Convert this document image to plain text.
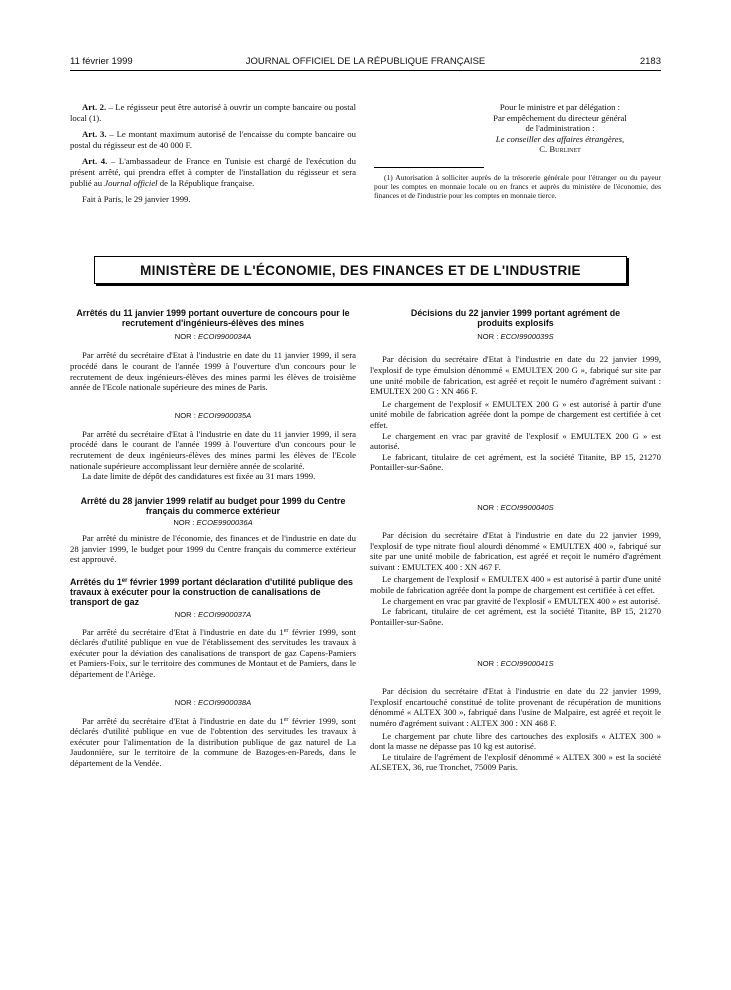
11 février 1999	JOURNAL OFFICIEL DE LA RÉPUBLIQUE FRANÇAISE	2183

Art. 2. – Le régisseur peut être autorisé à ouvrir un compte bancaire ou postal local (1).

Art. 3. – Le montant maximum autorisé de l'encaisse du compte bancaire ou postal du régisseur est de 40 000 F.

Art. 4. – L'ambassadeur de France en Tunisie est chargé de l'exécution du présent arrêté, qui prendra effet à compter de l'installation du régisseur et sera publié au Journal officiel de la République française.

Fait à Paris, le 29 janvier 1999.

Pour le ministre et par délégation :

Par empêchement du directeur général

de l'administration :

Le conseiller des affaires étrangères,

C. Burlinet

(1) Autorisation à solliciter auprès de la trésorerie générale pour l'étranger ou du payeur pour les comptes en monnaie locale ou en francs et auprès du ministère de l'économie, des finances et de l'industrie pour les comptes en monnaie tierce.

MINISTÈRE DE L'ÉCONOMIE, DES FINANCES ET DE L'INDUSTRIE

Arrêtés du 11 janvier 1999 portant ouverture de concours pour le recrutement d'ingénieurs-élèves des mines

NOR : ECOI9900034A

Par arrêté du secrétaire d'Etat à l'industrie en date du 11 janvier 1999, il sera procédé dans le courant de l'année 1999 à l'ouverture d'un concours pour le recrutement de deux ingénieurs-élèves des mines parmi les élèves de troisième année de l'Ecole nationale supérieure des mines de Paris.

NOR : ECOI9900035A

Par arrêté du secrétaire d'Etat à l'industrie en date du 11 janvier 1999, il sera procédé dans le courant de l'année 1999 à l'ouverture d'un concours pour le recrutement de deux ingénieurs-élèves des mines parmi les élèves de l'Ecole nationale supérieure accomplissant leur dernière année de scolarité.

La date limite de dépôt des candidatures est fixée au 31 mars 1999.

Arrêté du 28 janvier 1999 relatif au budget pour 1999 du Centre français du commerce extérieur

NOR : ECOE9900036A

Par arrêté du ministre de l'économie, des finances et de l'industrie en date du 28 janvier 1999, le budget pour 1999 du Centre français du commerce extérieur est approuvé.

Arrêtés du 1er février 1999 portant déclaration d'utilité publique des travaux à exécuter pour la construction de canalisations de transport de gaz

NOR : ECOI9900037A

Par arrêté du secrétaire d'Etat à l'industrie en date du 1er février 1999, sont déclarés d'utilité publique en vue de l'établissement des servitudes les travaux à exécuter pour la déviation des canalisations de transport de gaz Capens-Pamiers et Pamiers-Foix, sur le territoire des communes de Montaut et de Pamiers, dans le département de l'Ariège.

NOR : ECOI9900038A

Par arrêté du secrétaire d'Etat à l'industrie en date du 1er février 1999, sont déclarés d'utilité publique en vue de l'obtention des servitudes les travaux à exécuter pour l'alimentation de la distribution publique de gaz naturel de La Jaudonnière, sur le territoire de la commune de Bazoges-en-Pareds, dans le département de la Vendée.

Décisions du 22 janvier 1999 portant agrément de produits explosifs

NOR : ECOI9900039S

Par décision du secrétaire d'Etat à l'industrie en date du 22 janvier 1999, l'explosif de type émulsion dénommé « EMULTEX 200 G », fabriqué sur site par une unité mobile de fabrication, est agréé et reçoit le numéro d'agrément suivant : EMULTEX 200 G : XN 466 F.

Le chargement de l'explosif « EMULTEX 200 G » est autorisé à partir d'une unité mobile de fabrication agréée dont la pompe de chargement est certifiée à cet effet.

Le chargement en vrac par gravité de l'explosif « EMULTEX 200 G » est autorisé.

Le fabricant, titulaire de cet agrément, est la société Titanite, BP 15, 21270 Pontailler-sur-Saône.

NOR : ECOI9900040S

Par décision du secrétaire d'Etat à l'industrie en date du 22 janvier 1999, l'explosif de type nitrate fioul alourdi dénommé « EMULTEX 400 », fabriqué sur site par une unité mobile de fabrication, est agréé et reçoit le numéro d'agrément suivant : EMULTEX 400 : XN 467 F.

Le chargement de l'explosif « EMULTEX 400 » est autorisé à partir d'une unité mobile de fabrication agréée dont la pompe de chargement est certifiée à cet effet.

Le chargement en vrac par gravité de l'explosif « EMULTEX 400 » est autorisé.

Le fabricant, titulaire de cet agrément, est la société Titanite, BP 15, 21270 Pontailler-sur-Saône.

NOR : ECOI9900041S

Par décision du secrétaire d'Etat à l'industrie en date du 22 janvier 1999, l'explosif encartouché constitué de tolite provenant de récupération de munitions dénommé « ALTEX 300 », fabriqué dans l'usine de Malpaire, est agréé et reçoit le numéro d'agrément suivant : ALTEX 300 : XN 468 F.

Le chargement par chute libre des cartouches des explosifs « ALTEX 300 » dont la masse ne dépasse pas 10 kg est autorisé.

Le titulaire de l'agrément de l'explosif dénommé « ALTEX 300 » est la société ALSETEX, 36, rue Tronchet, 75009 Paris.
